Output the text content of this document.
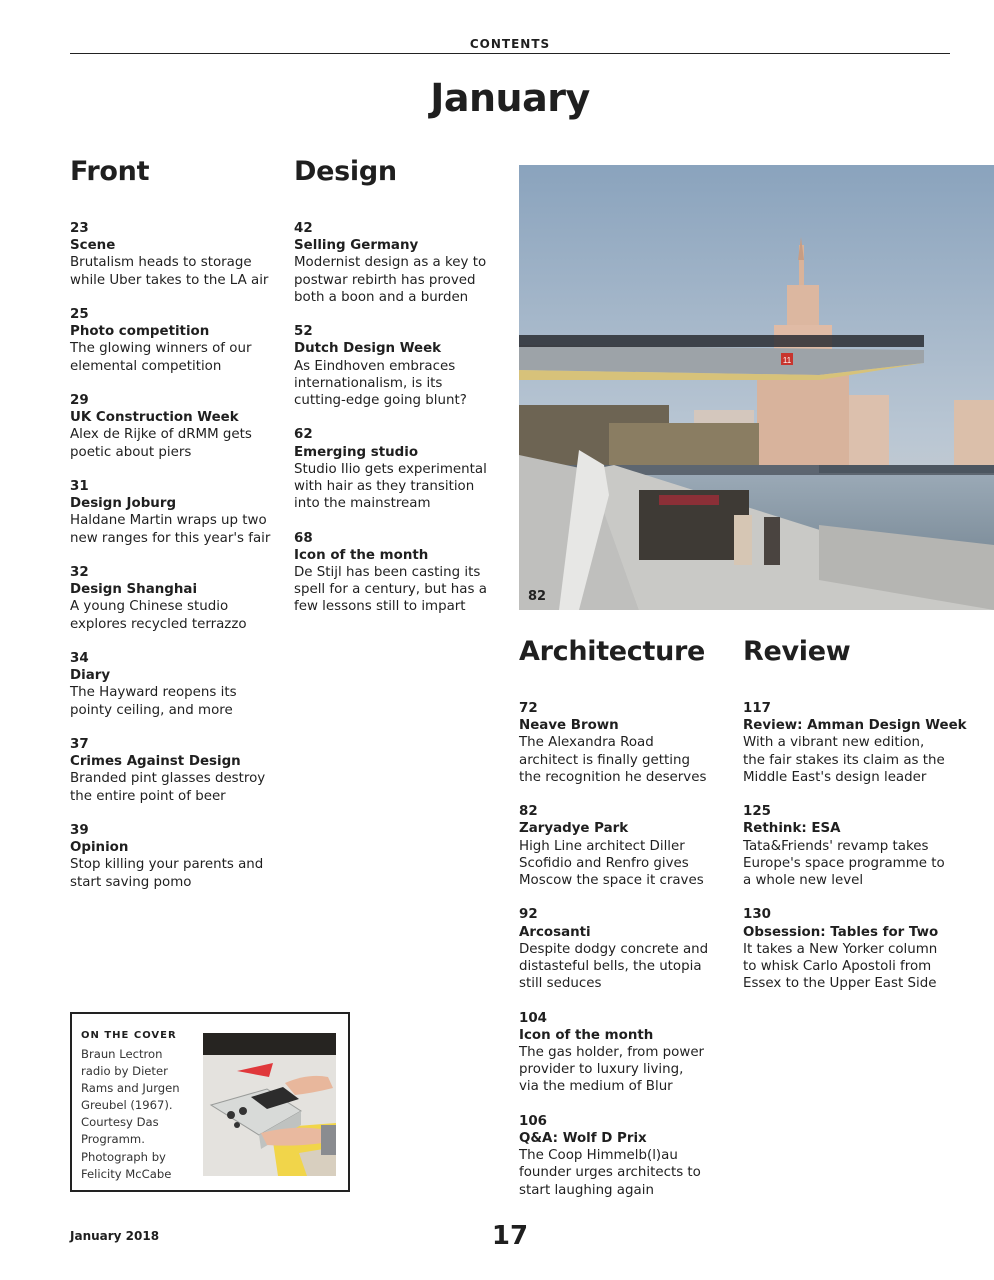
CONTENTS
January
Front	Design
Architecture Review
23
Scene
Brutalism heads to storage
while Uber takes to the LA air
25
Photo competition
The glowing winners of our
elemental competition
29
UK Construction Week
Alex de Rijke of dRMM gets
poetic about piers
31
Design Joburg
Haldane Martin wraps up two
new ranges for this year's fair
32
Design Shanghai
A young Chinese studio
explores recycled terrazzo
34
Diary
The Hayward reopens its
pointy ceiling, and more
37
Crimes Against Design
Branded pint glasses destroy
the entire point of beer
39
Opinion
Stop killing your parents and
start saving pomo
42
Selling Germany
Modernist design as a key to
postwar rebirth has proved
both a boon and a burden
52
Dutch Design Week
As Eindhoven embraces
internationalism, is its
cutting-edge going blunt?
62
Emerging studio
Studio Ilio gets experimental
with hair as they transition
into the mainstream
68
Icon of the month
De Stijl has been casting its
spell for a century, but has a
few lessons still to impart
11
82
72
Neave Brown
The Alexandra Road
architect is finally getting
the recognition he deserves
82
Zaryadye Park
High Line architect Diller
Scofidio and Renfro gives
Moscow the space it craves
92
Arcosanti
Despite dodgy concrete and
distasteful bells, the utopia
still seduces
104
Icon of the month
The gas holder, from power
provider to luxury living,
via the medium of Blur
106
Q&A: Wolf D Prix
The Coop Himmelb(l)au
founder urges architects to
start laughing again
117
Review: Amman Design Week
With a vibrant new edition,
the fair stakes its claim as the
Middle East's design leader
125
Rethink: ESA
Tata&Friends' revamp takes
Europe's space programme to
a whole new level
130
Obsession: Tables for Two
It takes a New Yorker column
to whisk Carlo Apostoli from
Essex to the Upper East Side
ON THE COVER
Braun Lectron
radio by Dieter
Rams and Jurgen
Greubel (1967).
Courtesy Das
Programm.
Photograph by
Felicity McCabe
January 2018	17
